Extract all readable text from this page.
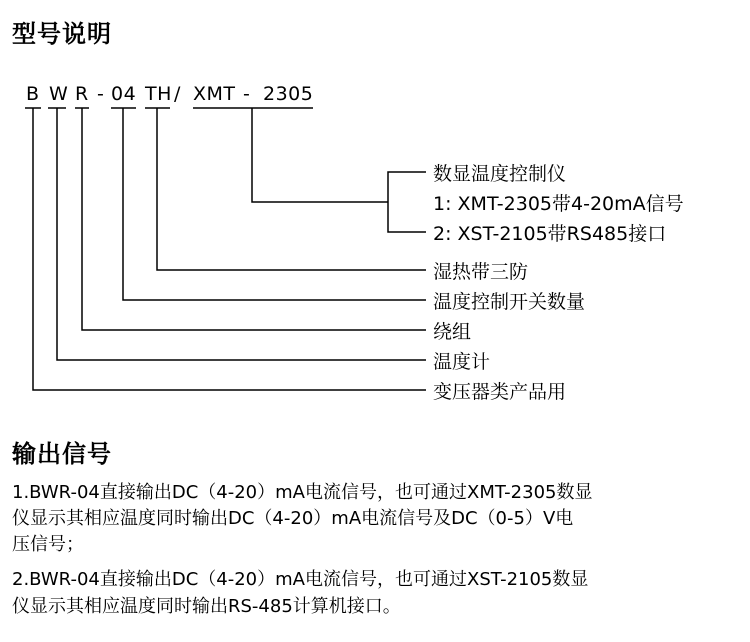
型号说明
B W R - 04 TH / XMT - 2305
数显温度控制仪
1: XMT-2305带4-20mA信号
2: XST-2105带RS485接口
湿热带三防
温度控制开关数量
绕组
温度计
变压器类产品用
输出信号
1.BWR-04直接输出DC（4-20）mA电流信号，也可通过XMT-2305数显
仪显示其相应温度同时输出DC（4-20）mA电流信号及DC（0-5）V电
压信号；
2.BWR-04直接输出DC（4-20）mA电流信号，也可通过XST-2105数显
仪显示其相应温度同时输出RS-485计算机接口。
